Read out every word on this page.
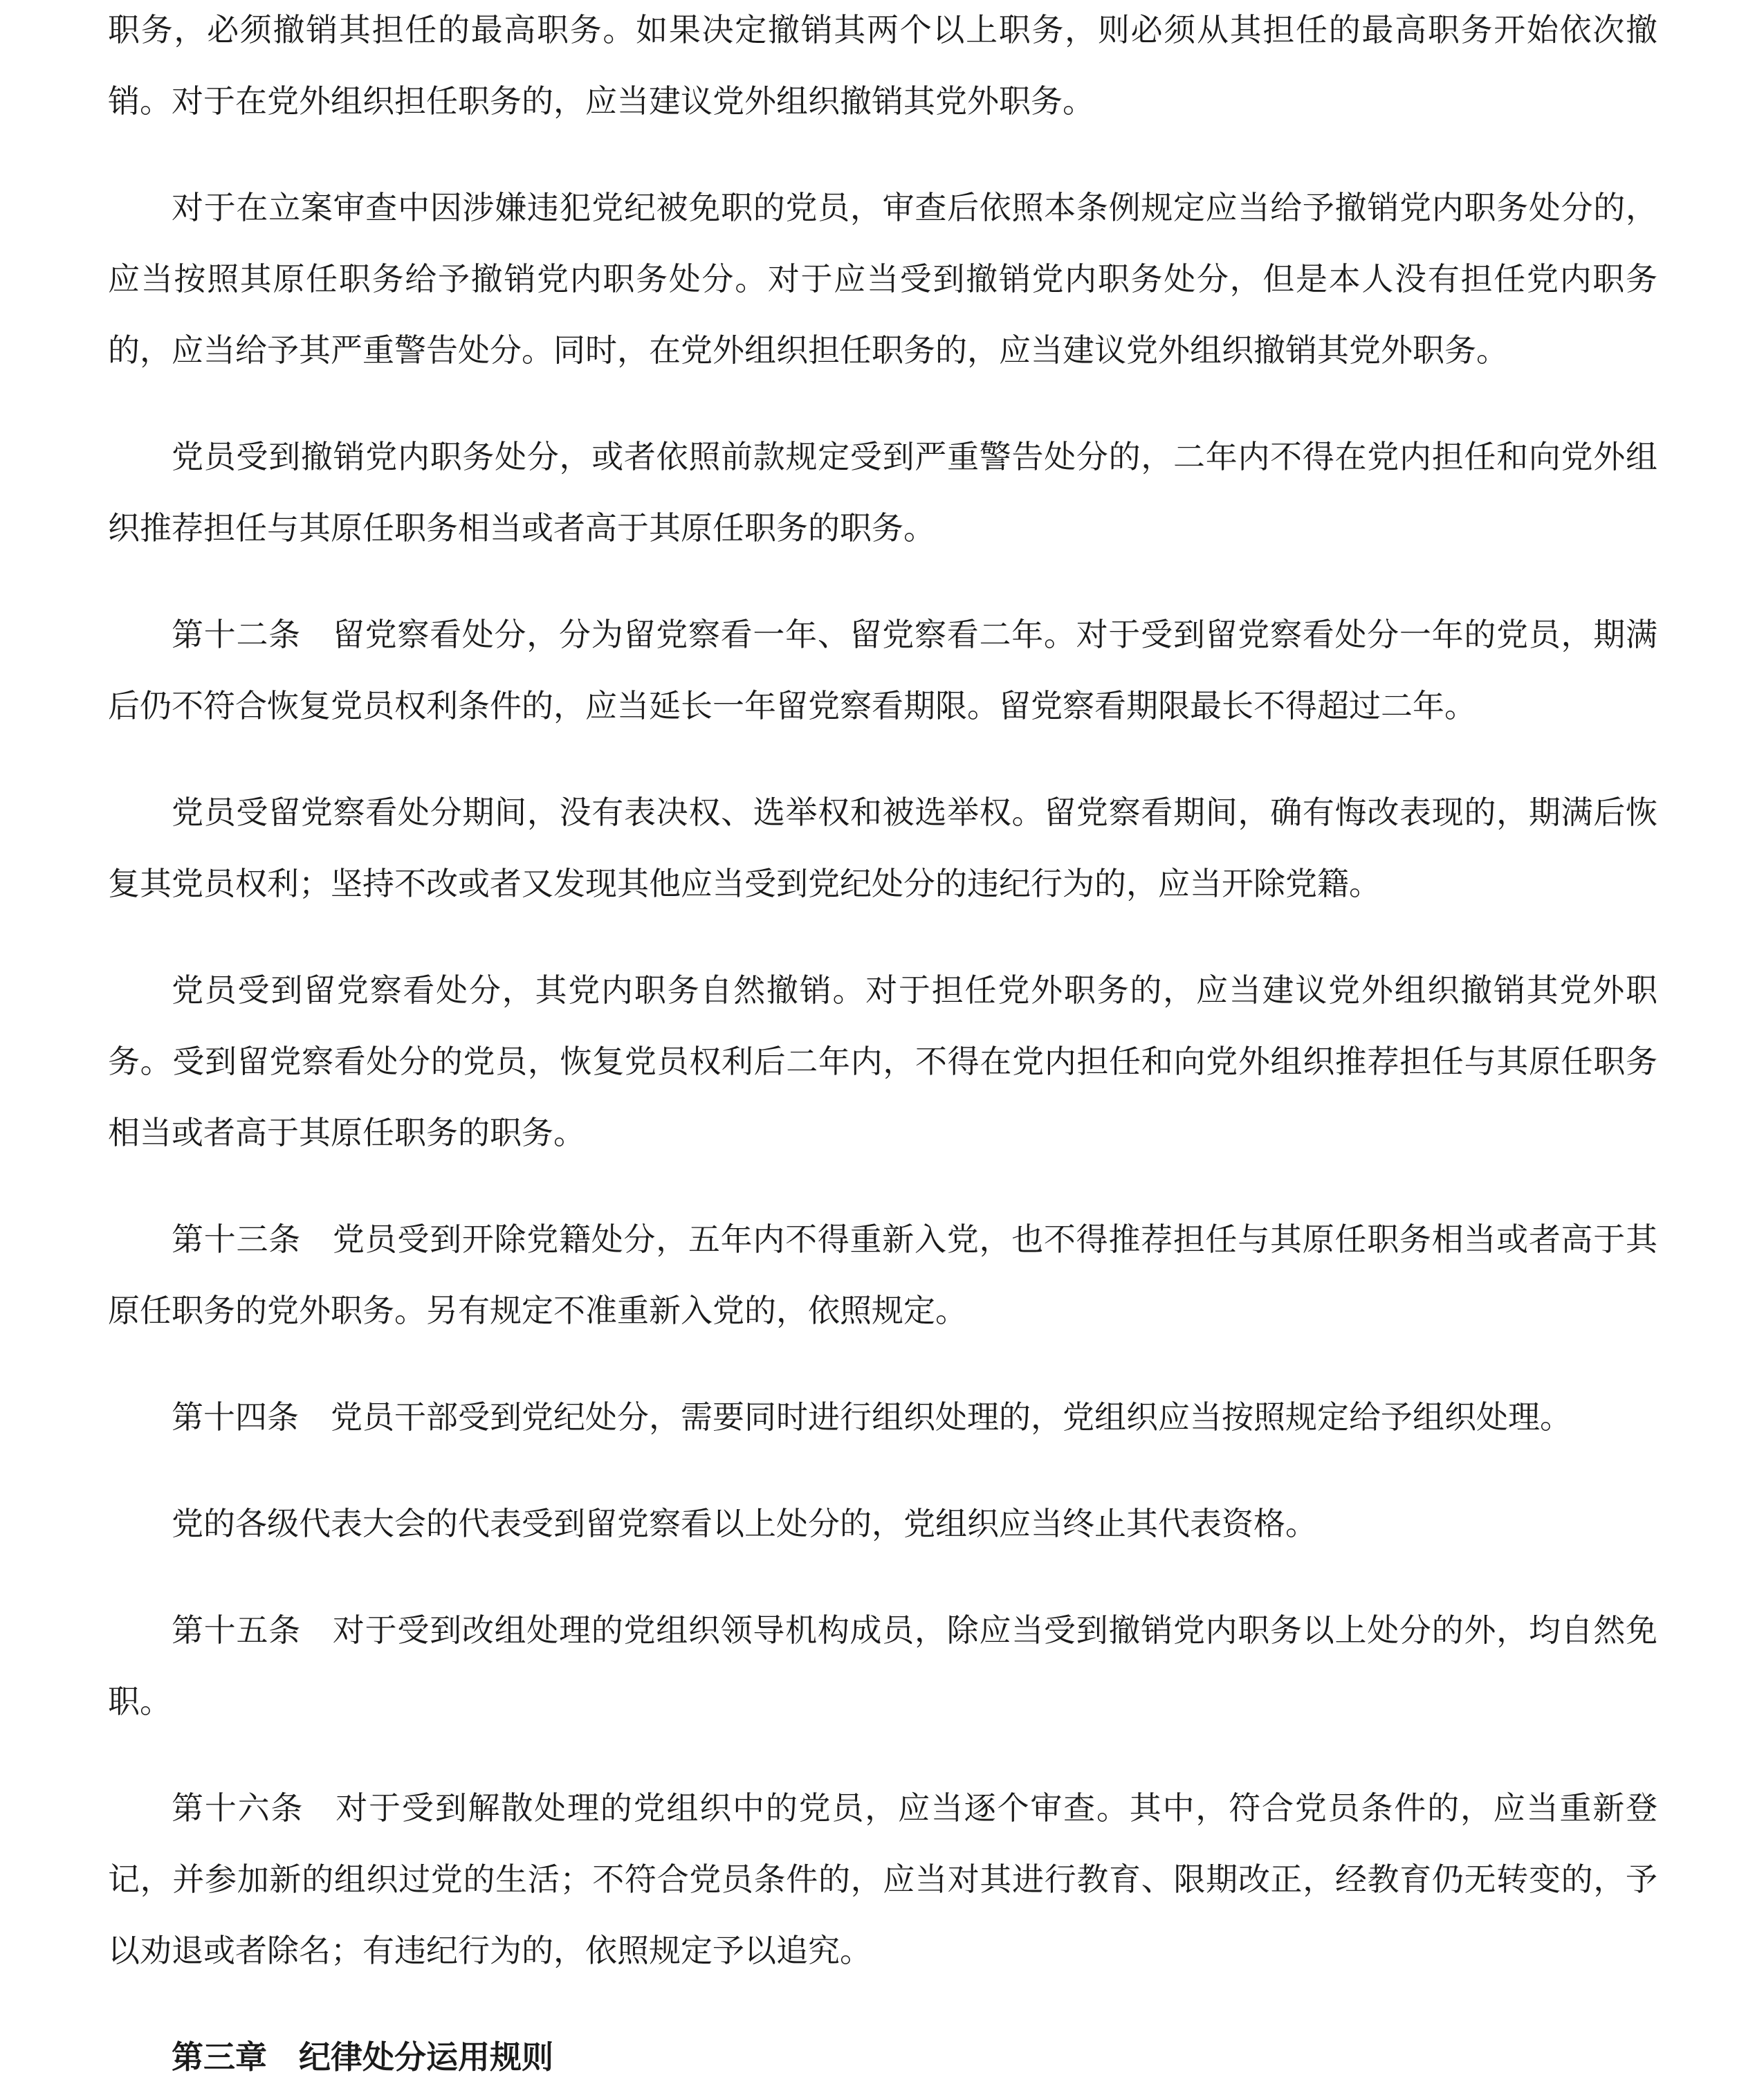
职务，必须撤销其担任的最高职务。如果决定撤销其两个以上职务，则必须从其担任的最高职务开始依次撤销。对于在党外组织担任职务的，应当建议党外组织撤销其党外职务。

对于在立案审查中因涉嫌违犯党纪被免职的党员，审查后依照本条例规定应当给予撤销党内职务处分的，应当按照其原任职务给予撤销党内职务处分。对于应当受到撤销党内职务处分，但是本人没有担任党内职务的，应当给予其严重警告处分。同时，在党外组织担任职务的，应当建议党外组织撤销其党外职务。

党员受到撤销党内职务处分，或者依照前款规定受到严重警告处分的，二年内不得在党内担任和向党外组织推荐担任与其原任职务相当或者高于其原任职务的职务。

第十二条 留党察看处分，分为留党察看一年、留党察看二年。对于受到留党察看处分一年的党员，期满后仍不符合恢复党员权利条件的，应当延长一年留党察看期限。留党察看期限最长不得超过二年。

党员受留党察看处分期间，没有表决权、选举权和被选举权。留党察看期间，确有悔改表现的，期满后恢复其党员权利；坚持不改或者又发现其他应当受到党纪处分的违纪行为的，应当开除党籍。

党员受到留党察看处分，其党内职务自然撤销。对于担任党外职务的，应当建议党外组织撤销其党外职务。受到留党察看处分的党员，恢复党员权利后二年内，不得在党内担任和向党外组织推荐担任与其原任职务相当或者高于其原任职务的职务。

第十三条 党员受到开除党籍处分，五年内不得重新入党，也不得推荐担任与其原任职务相当或者高于其原任职务的党外职务。另有规定不准重新入党的，依照规定。

第十四条 党员干部受到党纪处分，需要同时进行组织处理的，党组织应当按照规定给予组织处理。

党的各级代表大会的代表受到留党察看以上处分的，党组织应当终止其代表资格。

第十五条 对于受到改组处理的党组织领导机构成员，除应当受到撤销党内职务以上处分的外，均自然免职。

第十六条 对于受到解散处理的党组织中的党员，应当逐个审查。其中，符合党员条件的，应当重新登记，并参加新的组织过党的生活；不符合党员条件的，应当对其进行教育、限期改正，经教育仍无转变的，予以劝退或者除名；有违纪行为的，依照规定予以追究。

第三章 纪律处分运用规则
